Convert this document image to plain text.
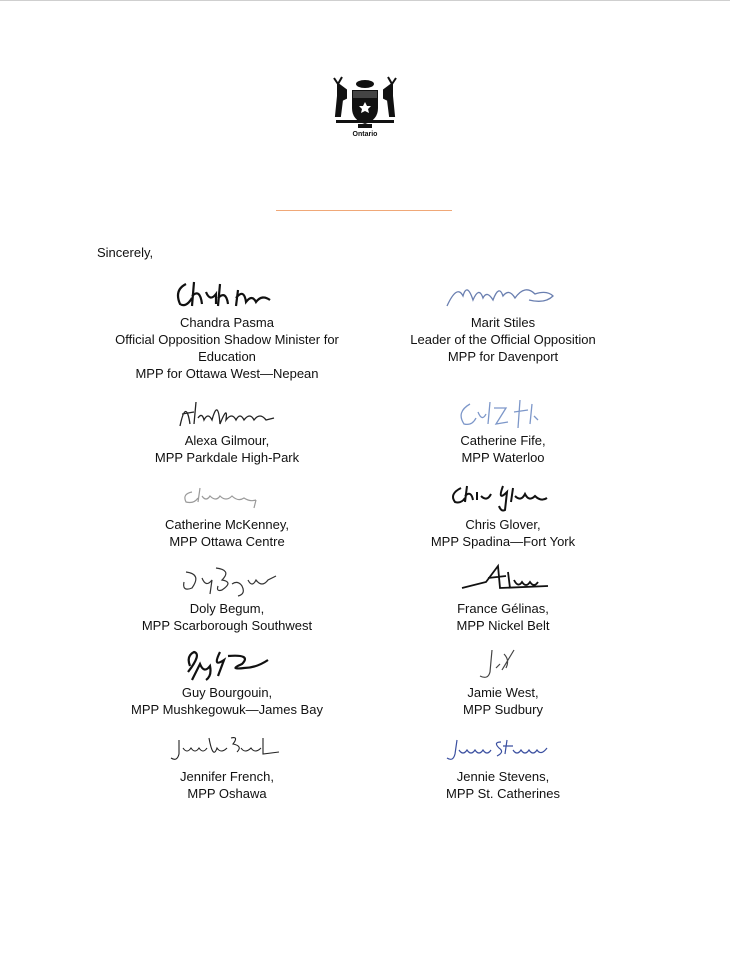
Ontario
Sincerely,
Chandra Pasma
Official Opposition Shadow Minister for
Education
MPP for Ottawa West—Nepean
Marit Stiles
Leader of the Official Opposition
MPP for Davenport
Alexa Gilmour,
MPP Parkdale High-Park
Catherine Fife,
MPP Waterloo
Catherine McKenney,
MPP Ottawa Centre
Chris Glover,
MPP Spadina—Fort York
Doly Begum,
MPP Scarborough Southwest
France Gélinas,
MPP Nickel Belt
Guy Bourgouin,
MPP Mushkegowuk—James Bay
Jamie West,
MPP Sudbury
Jennifer French,
MPP Oshawa
Jennie Stevens,
MPP St. Catherines
